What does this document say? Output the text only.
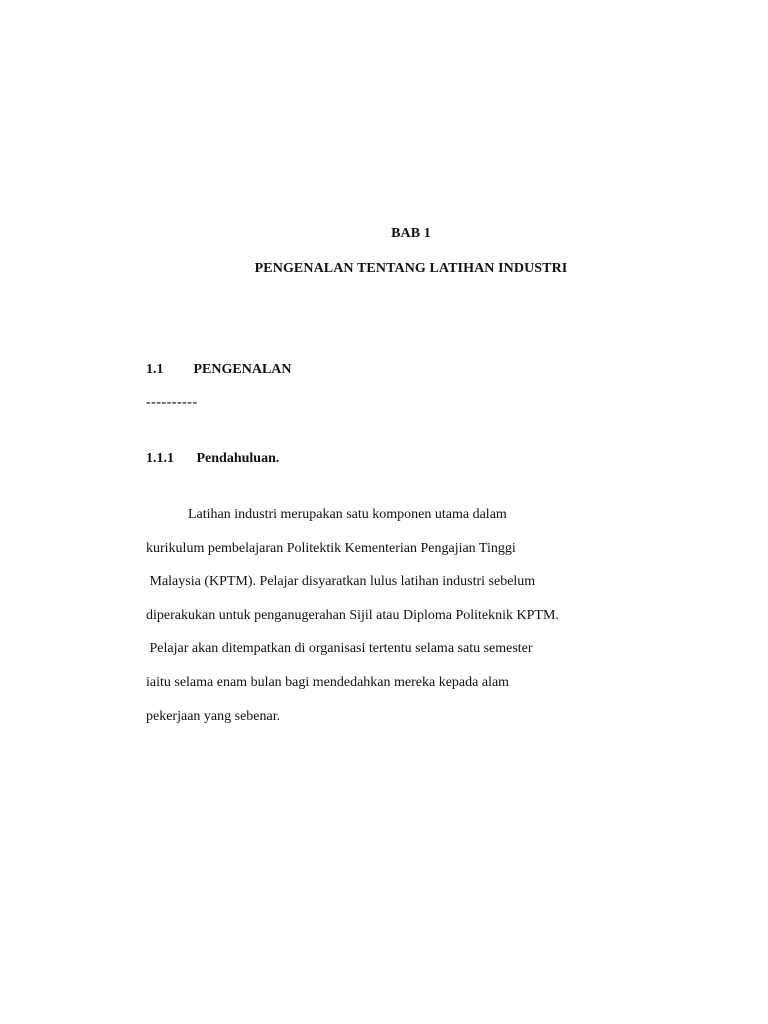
BAB 1
PENGENALAN TENTANG LATIHAN INDUSTRI
1.1 PENGENALAN
----------
1.1.1 Pendahuluan.

Latihan industri merupakan satu komponen utama dalam
kurikulum pembelajaran Politektik Kementerian Pengajian Tinggi
Malaysia (KPTM). Pelajar disyaratkan lulus latihan industri sebelum
diperakukan untuk penganugerahan Sijil atau Diploma Politeknik KPTM.
Pelajar akan ditempatkan di organisasi tertentu selama satu semester
iaitu selama enam bulan bagi mendedahkan mereka kepada alam
pekerjaan yang sebenar.
